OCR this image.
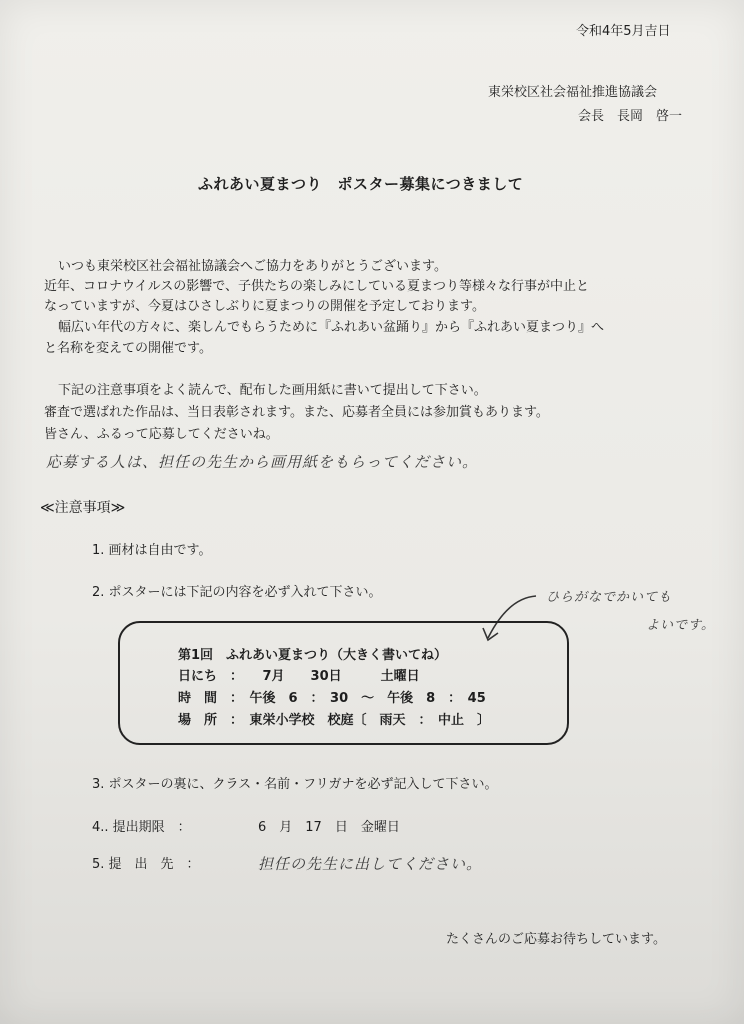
令和4年5月吉日
東栄校区社会福祉推進協議会
会長　長岡　啓一
ふれあい夏まつり　ポスター募集につきまして
いつも東栄校区社会福祉協議会へご協力をありがとうございます。
近年、コロナウイルスの影響で、子供たちの楽しみにしている夏まつり等様々な行事が中止と
なっていますが、今夏はひさしぶりに夏まつりの開催を予定しております。
幅広い年代の方々に、楽しんでもらうために『ふれあい盆踊り』から『ふれあい夏まつり』へ
と名称を変えての開催です。
下記の注意事項をよく読んで、配布した画用紙に書いて提出して下さい。
審査で選ばれた作品は、当日表彰されます。また、応募者全員には参加賞もあります。
皆さん、ふるって応募してくださいね。
応募する人は、担任の先生から画用紙をもらってください。
≪注意事項≫
1. 画材は自由です。
2. ポスターには下記の内容を必ず入れて下さい。	ひらがなでかいても
よいです。
第1回　ふれあい夏まつり（大きく書いてね）
日にち　：　　7月　　30日　　　土曜日
時　間　：　午後　6　：　30　～　午後　8　：　45
場　所　：　東栄小学校　校庭〔　雨天　：　中止　〕
3. ポスターの裏に、クラス・名前・フリガナを必ず記入して下さい。
4.. 提出期限　：	6　月　17　日　金曜日
5. 提　出　先　：	担任の先生に出してください。
たくさんのご応募お待ちしています。
